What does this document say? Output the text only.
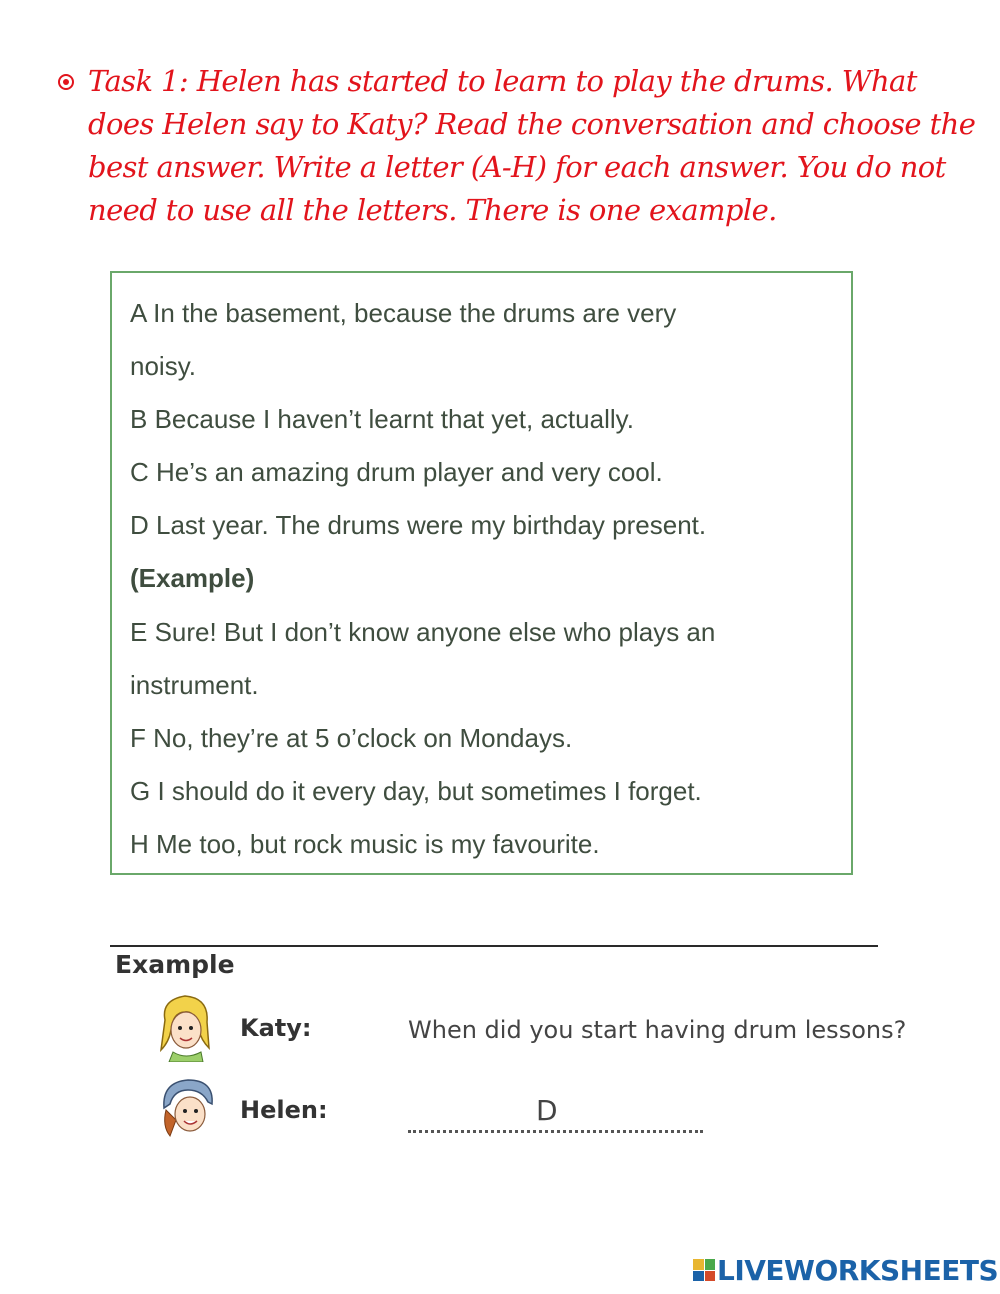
Task 1: Helen has started to learn to play the drums. What does Helen say to Katy? Read the conversation and choose the best answer. Write a letter (A-H) for each answer. You do not need to use all the letters. There is one example.
A In the basement, because the drums are very
noisy.
B Because I haven’t learnt that yet, actually.
C He’s an amazing drum player and very cool.
D Last year. The drums were my birthday present.
(Example)
E Sure! But I don’t know anyone else who plays an
instrument.
F No, they’re at 5 o’clock on Mondays.
G I should do it every day, but sometimes I forget.
H Me too, but rock music is my favourite.
Example
Katy:	When did you start having drum lessons?
Helen:	D
LIVEWORKSHEETS
